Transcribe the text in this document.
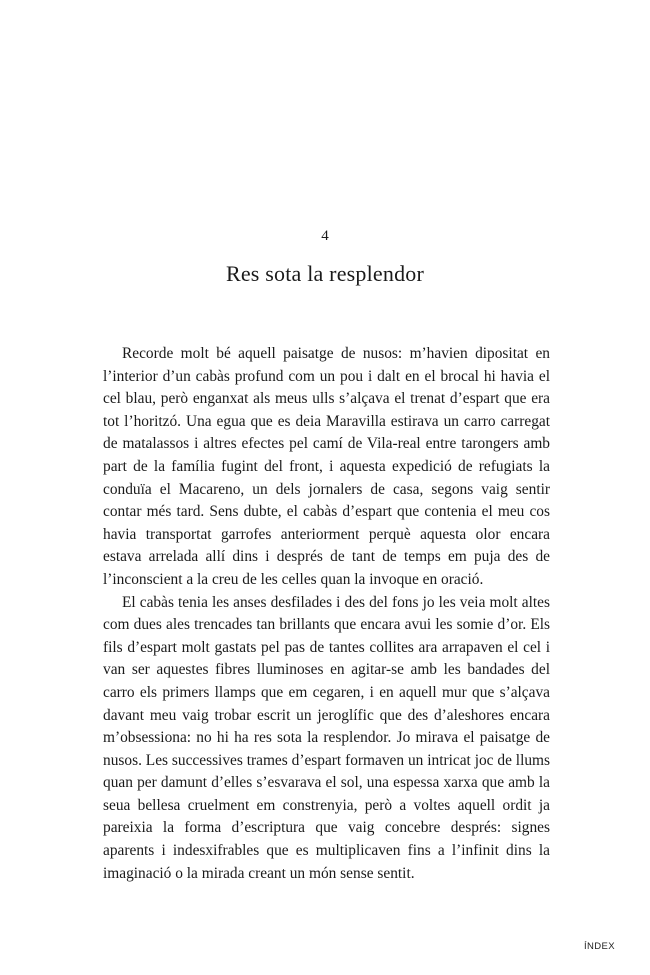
4
Res sota la resplendor

Recorde molt bé aquell paisatge de nusos: m’havien dipositat en l’interior d’un cabàs profund com un pou i dalt en el brocal hi havia el cel blau, però enganxat als meus ulls s’alçava el trenat d’espart que era tot l’horitzó. Una egua que es deia Maravilla estirava un carro carregat de matalassos i altres efectes pel camí de Vila-real entre tarongers amb part de la família fugint del front, i aquesta expedició de refugiats la conduïa el Macareno, un dels jornalers de casa, segons vaig sentir contar més tard. Sens dubte, el cabàs d’espart que contenia el meu cos havia transportat garrofes anteriorment perquè aquesta olor encara estava arrelada allí dins i després de tant de temps em puja des de l’inconscient a la creu de les celles quan la invoque en oració.

El cabàs tenia les anses desfilades i des del fons jo les veia molt altes com dues ales trencades tan brillants que encara avui les somie d’or. Els fils d’espart molt gastats pel pas de tantes collites ara arrapaven el cel i van ser aquestes fibres lluminoses en agitar-se amb les bandades del carro els primers llamps que em cegaren, i en aquell mur que s’alçava davant meu vaig trobar escrit un jeroglífic que des d’aleshores encara m’obsessiona: no hi ha res sota la resplendor. Jo mirava el paisatge de nusos. Les successives trames d’espart formaven un intricat joc de llums quan per damunt d’elles s’esvarava el sol, una espessa xarxa que amb la seua bellesa cruelment em constrenyia, però a voltes aquell ordit ja pareixia la forma d’escriptura que vaig concebre després: signes aparents i indesxifrables que es multiplicaven fins a l’infinit dins la imaginació o la mirada creant un món sense sentit.

ÍNDEX
